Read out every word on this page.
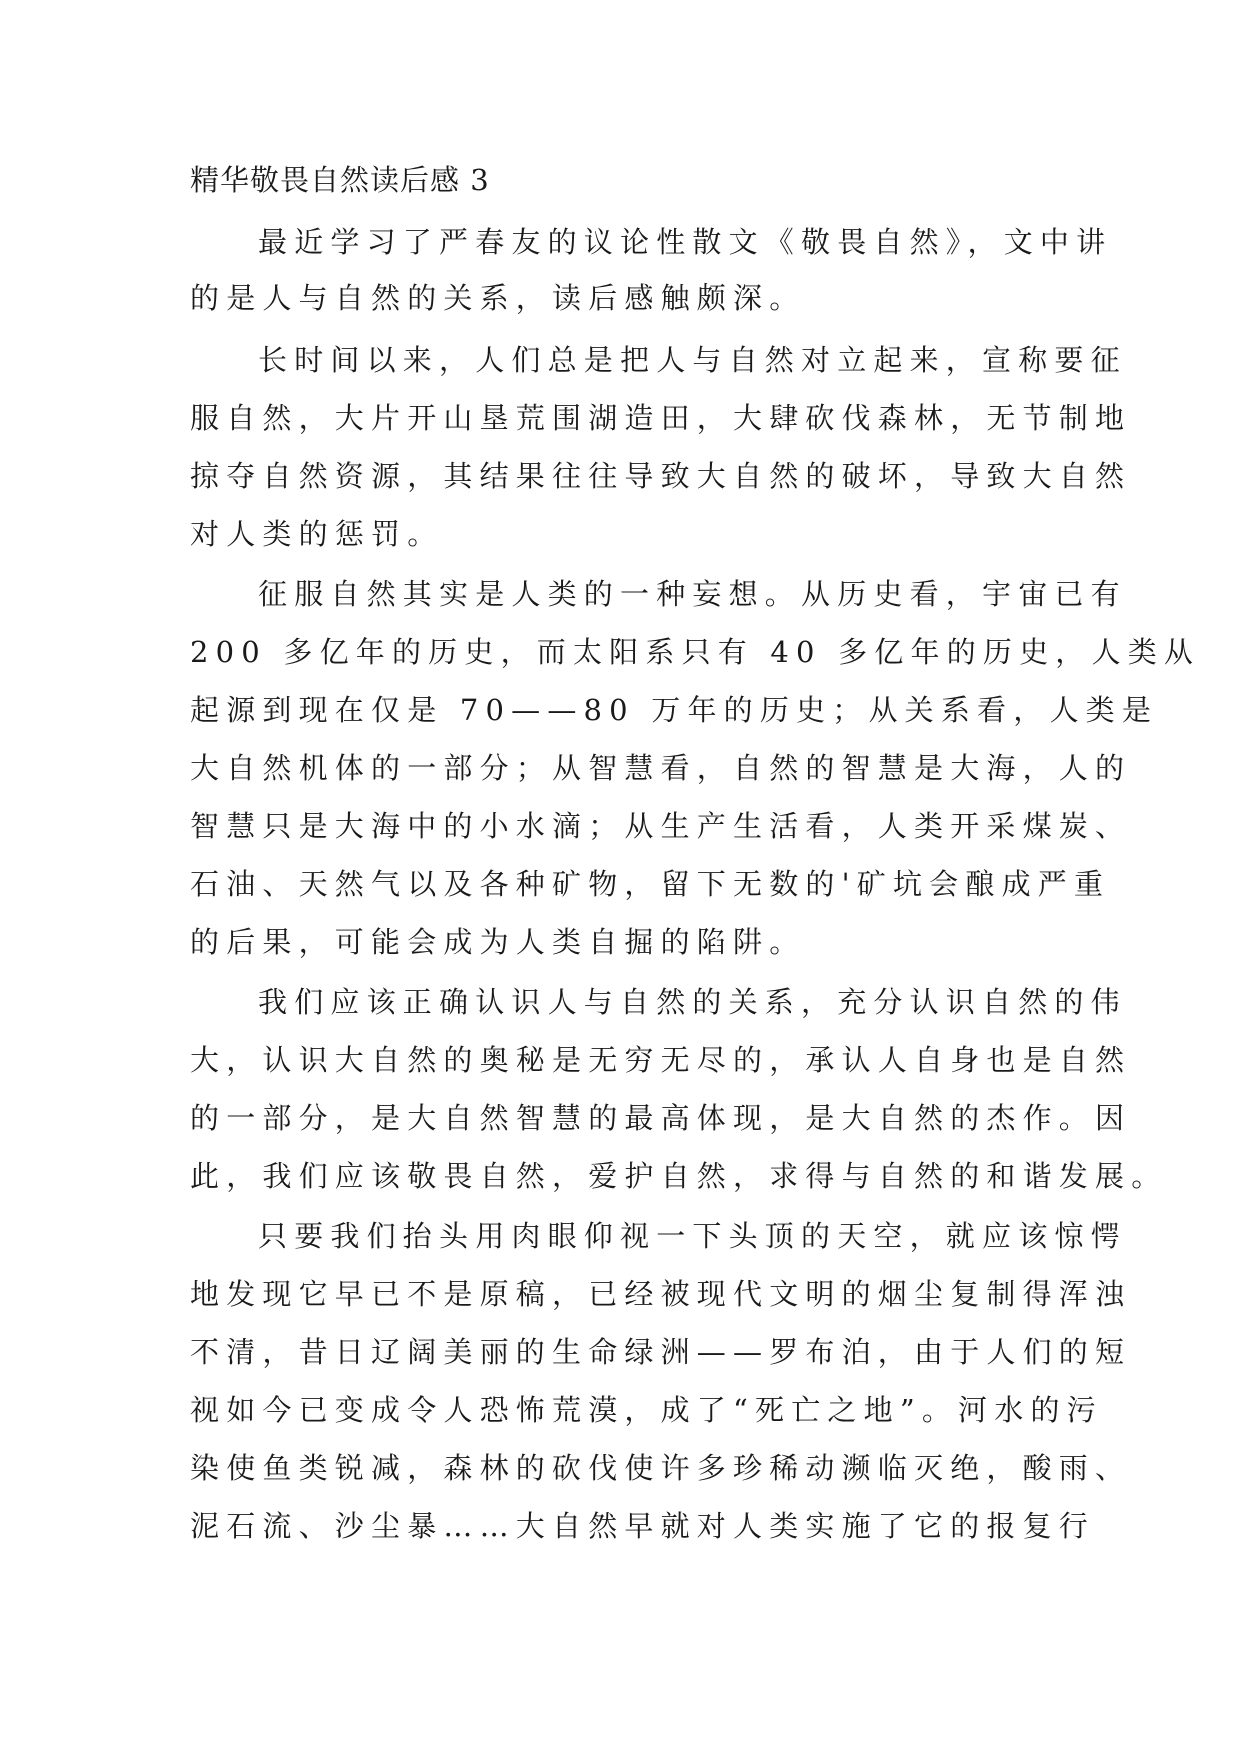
精华敬畏自然读后感 3
最近学习了严春友的议论性散文《敬畏自然》，文中讲
的是人与自然的关系，读后感触颇深。
长时间以来，人们总是把人与自然对立起来，宣称要征
服自然，大片开山垦荒围湖造田，大肆砍伐森林，无节制地
掠夺自然资源，其结果往往导致大自然的破坏，导致大自然
对人类的惩罚。
征服自然其实是人类的一种妄想。从历史看，宇宙已有
200 多亿年的历史，而太阳系只有 40 多亿年的历史，人类从
起源到现在仅是 70——80 万年的历史；从关系看，人类是
大自然机体的一部分；从智慧看，自然的智慧是大海，人的
智慧只是大海中的小水滴；从生产生活看，人类开采煤炭、
石油、天然气以及各种矿物，留下无数的'矿坑会酿成严重
的后果，可能会成为人类自掘的陷阱。
我们应该正确认识人与自然的关系，充分认识自然的伟
大，认识大自然的奥秘是无穷无尽的，承认人自身也是自然
的一部分，是大自然智慧的最高体现，是大自然的杰作。因
此，我们应该敬畏自然，爱护自然，求得与自然的和谐发展。
只要我们抬头用肉眼仰视一下头顶的天空，就应该惊愕
地发现它早已不是原稿，已经被现代文明的烟尘复制得浑浊
不清，昔日辽阔美丽的生命绿洲——罗布泊，由于人们的短
视如今已变成令人恐怖荒漠，成了“死亡之地”。河水的污
染使鱼类锐减，森林的砍伐使许多珍稀动濒临灭绝，酸雨、
泥石流、沙尘暴……大自然早就对人类实施了它的报复行
